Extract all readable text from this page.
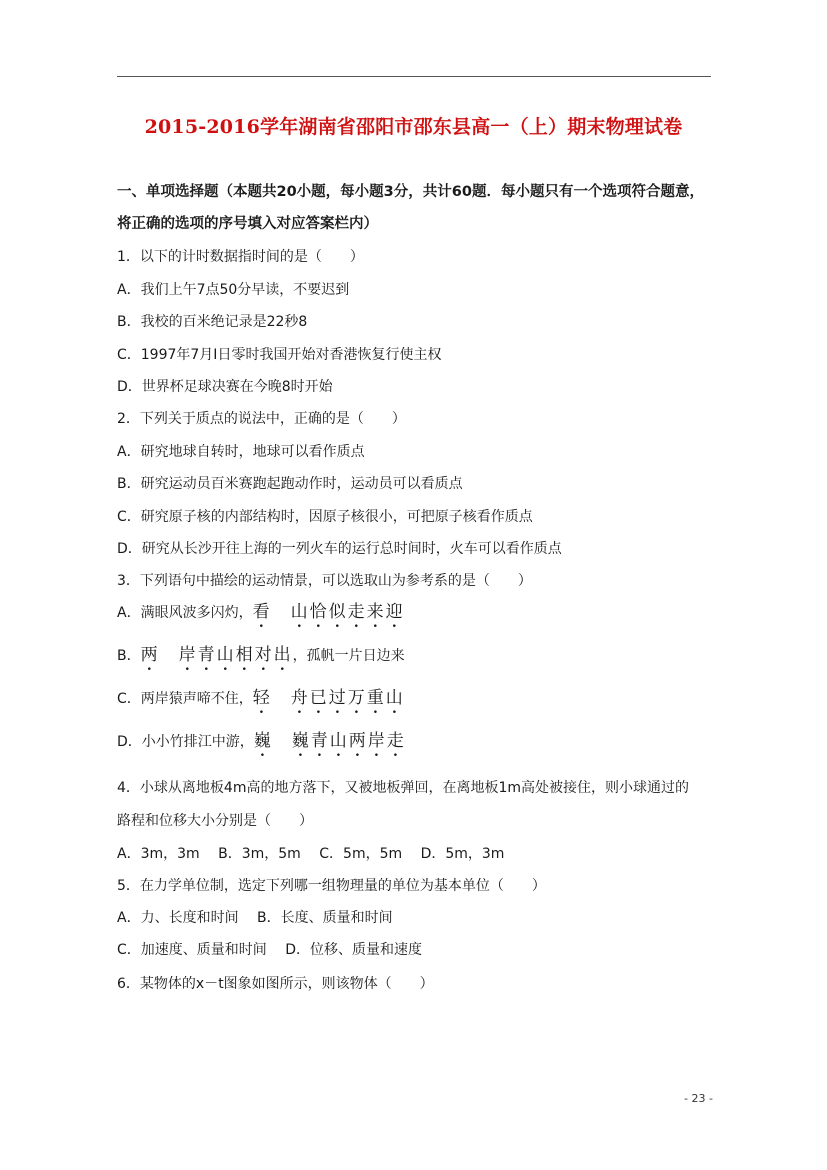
2015-2016学年湖南省邵阳市邵东县高一（上）期末物理试卷
一、单项选择题（本题共20小题，每小题3分，共计60题．每小题只有一个选项符合题意，
将正确的选项的序号填入对应答案栏内）
1．以下的计时数据指时间的是（　　）
A．我们上午7点50分早读，不要迟到
B．我校的百米绝记录是22秒8
C．1997年7月I日零时我国开始对香港恢复行使主权
D．世界杯足球决赛在今晚8时开始
2．下列关于质点的说法中，正确的是（　　）
A．研究地球自转时，地球可以看作质点
B．研究运动员百米赛跑起跑动作时，运动员可以看质点
C．研究原子核的内部结构时，因原子核很小，可把原子核看作质点
D．研究从长沙开往上海的一列火车的运行总时间时，火车可以看作质点
3．下列语句中描绘的运动情景，可以选取山为参考系的是（　　）
A．满眼风波多闪灼，看　山恰似走来迎
B．两　岸青山相对出，孤帆一片日边来
C．两岸猿声啼不住，轻　舟已过万重山
D．小小竹排江中游，巍　巍青山两岸走
4．小球从离地板4m高的地方落下，又被地板弹回，在离地板1m高处被接住，则小球通过的
路程和位移大小分别是（　　）
A．3m，3m　 B．3m，5m　 C．5m，5m　 D．5m，3m
5．在力学单位制，选定下列哪一组物理量的单位为基本单位（　　）
A．力、长度和时间　 B．长度、质量和时间
C．加速度、质量和时间　 D．位移、质量和速度
6．某物体的x－t图象如图所示，则该物体（　　）
- 23 -
